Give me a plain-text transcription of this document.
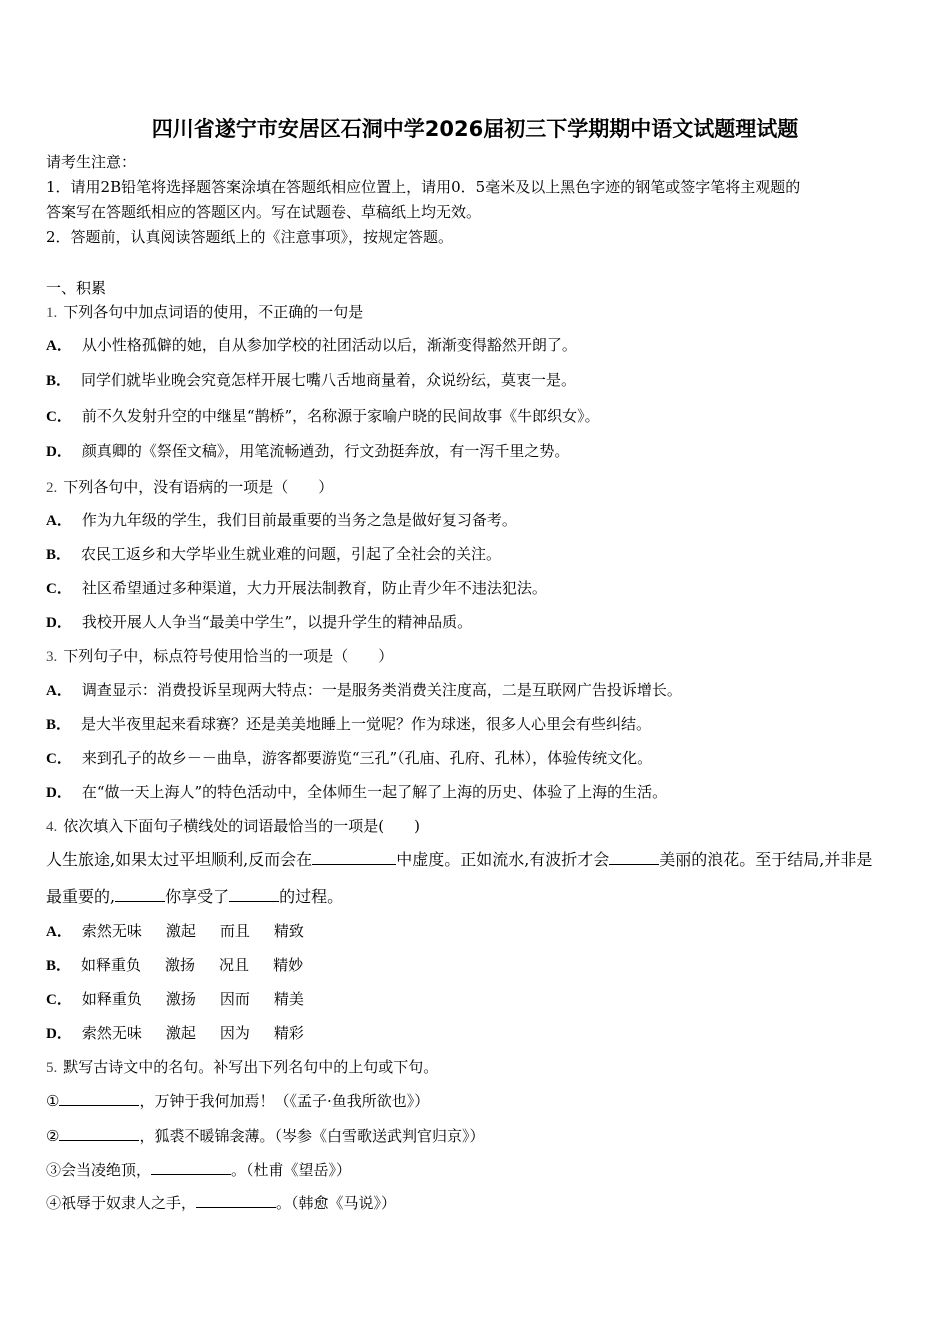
四川省遂宁市安居区石洞中学2026届初三下学期期中语文试题理试题
请考生注意：
1．请用2B铅笔将选择题答案涂填在答题纸相应位置上，请用0．5毫米及以上黑色字迹的钢笔或签字笔将主观题的
答案写在答题纸相应的答题区内。写在试题卷、草稿纸上均无效。
2．答题前，认真阅读答题纸上的《注意事项》，按规定答题。
一、积累
1. 下列各句中加点词语的使用，不正确的一句是
A． 从小性格孤僻的她，自从参加学校的社团活动以后，渐渐变得豁然开朗了。
B． 同学们就毕业晚会究竟怎样开展七嘴八舌地商量着，众说纷纭，莫衷一是。
C． 前不久发射升空的中继星“鹊桥”，名称源于家喻户晓的民间故事《牛郎织女》。
D． 颜真卿的《祭侄文稿》，用笔流畅遒劲，行文劲挺奔放，有一泻千里之势。
2. 下列各句中，没有语病的一项是（　　）
A． 作为九年级的学生，我们目前最重要的当务之急是做好复习备考。
B． 农民工返乡和大学毕业生就业难的问题，引起了全社会的关注。
C． 社区希望通过多种渠道，大力开展法制教育，防止青少年不违法犯法。
D． 我校开展人人争当“最美中学生”，以提升学生的精神品质。
3. 下列句子中，标点符号使用恰当的一项是（　　）
A． 调查显示：消费投诉呈现两大特点：一是服务类消费关注度高，二是互联网广告投诉增长。
B． 是大半夜里起来看球赛？还是美美地睡上一觉呢？作为球迷，很多人心里会有些纠结。
C． 来到孔子的故乡－－曲阜，游客都要游览“三孔”（孔庙、孔府、孔林），体验传统文化。
D． 在“做一天上海人”的特色活动中，全体师生一起了解了上海的历史、体验了上海的生活。
4. 依次填入下面句子横线处的词语最恰当的一项是(　　)
人生旅途,如果太过平坦顺利,反而会在	中虚度。正如流水,有波折才会	美丽的浪花。至于结局,并非是
最重要的,	你享受了	的过程。
A． 索然无味 激起 而且 精致
B． 如释重负 激扬 况且 精妙
C． 如释重负 激扬 因而 精美
D． 索然无味 激起 因为 精彩
5. 默写古诗文中的名句。补写出下列名句中的上句或下句。
①	，万钟于我何加焉！（《孟子·鱼我所欲也》）
②	，狐裘不暖锦衾薄。（岑参《白雪歌送武判官归京》）
③会当凌绝顶，	。（杜甫《望岳》）
④祇辱于奴隶人之手，	。（韩愈《马说》）
